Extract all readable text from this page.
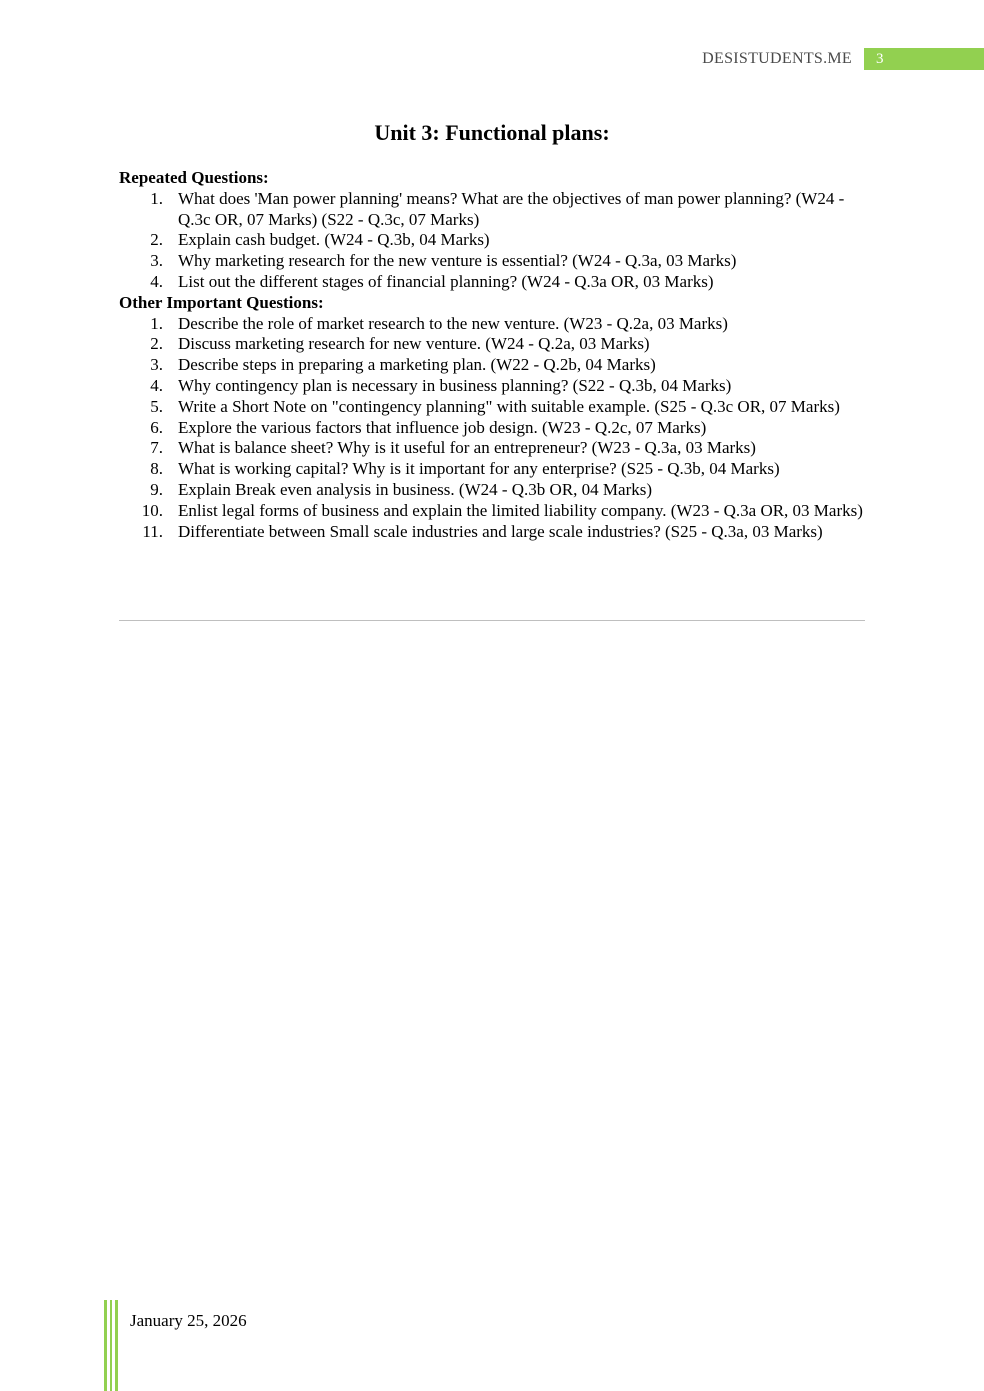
DESISTUDENTS.ME	3
Unit 3: Functional plans:

Repeated Questions:

1. What does 'Man power planning' means? What are the objectives of man power planning? (W24 - Q.3c OR, 07 Marks) (S22 - Q.3c, 07 Marks)
2. Explain cash budget. (W24 - Q.3b, 04 Marks)
3. Why marketing research for the new venture is essential? (W24 - Q.3a, 03 Marks)
4. List out the different stages of financial planning? (W24 - Q.3a OR, 03 Marks)

Other Important Questions:

1. Describe the role of market research to the new venture. (W23 - Q.2a, 03 Marks)
2. Discuss marketing research for new venture. (W24 - Q.2a, 03 Marks)
3. Describe steps in preparing a marketing plan. (W22 - Q.2b, 04 Marks)
4. Why contingency plan is necessary in business planning? (S22 - Q.3b, 04 Marks)
5. Write a Short Note on "contingency planning" with suitable example. (S25 - Q.3c OR, 07 Marks)
6. Explore the various factors that influence job design. (W23 - Q.2c, 07 Marks)
7. What is balance sheet? Why is it useful for an entrepreneur? (W23 - Q.3a, 03 Marks)
8. What is working capital? Why is it important for any enterprise? (S25 - Q.3b, 04 Marks)
9. Explain Break even analysis in business. (W24 - Q.3b OR, 04 Marks)
10. Enlist legal forms of business and explain the limited liability company. (W23 - Q.3a OR, 03 Marks)
11. Differentiate between Small scale industries and large scale industries? (S25 - Q.3a, 03 Marks)
January 25, 2026
